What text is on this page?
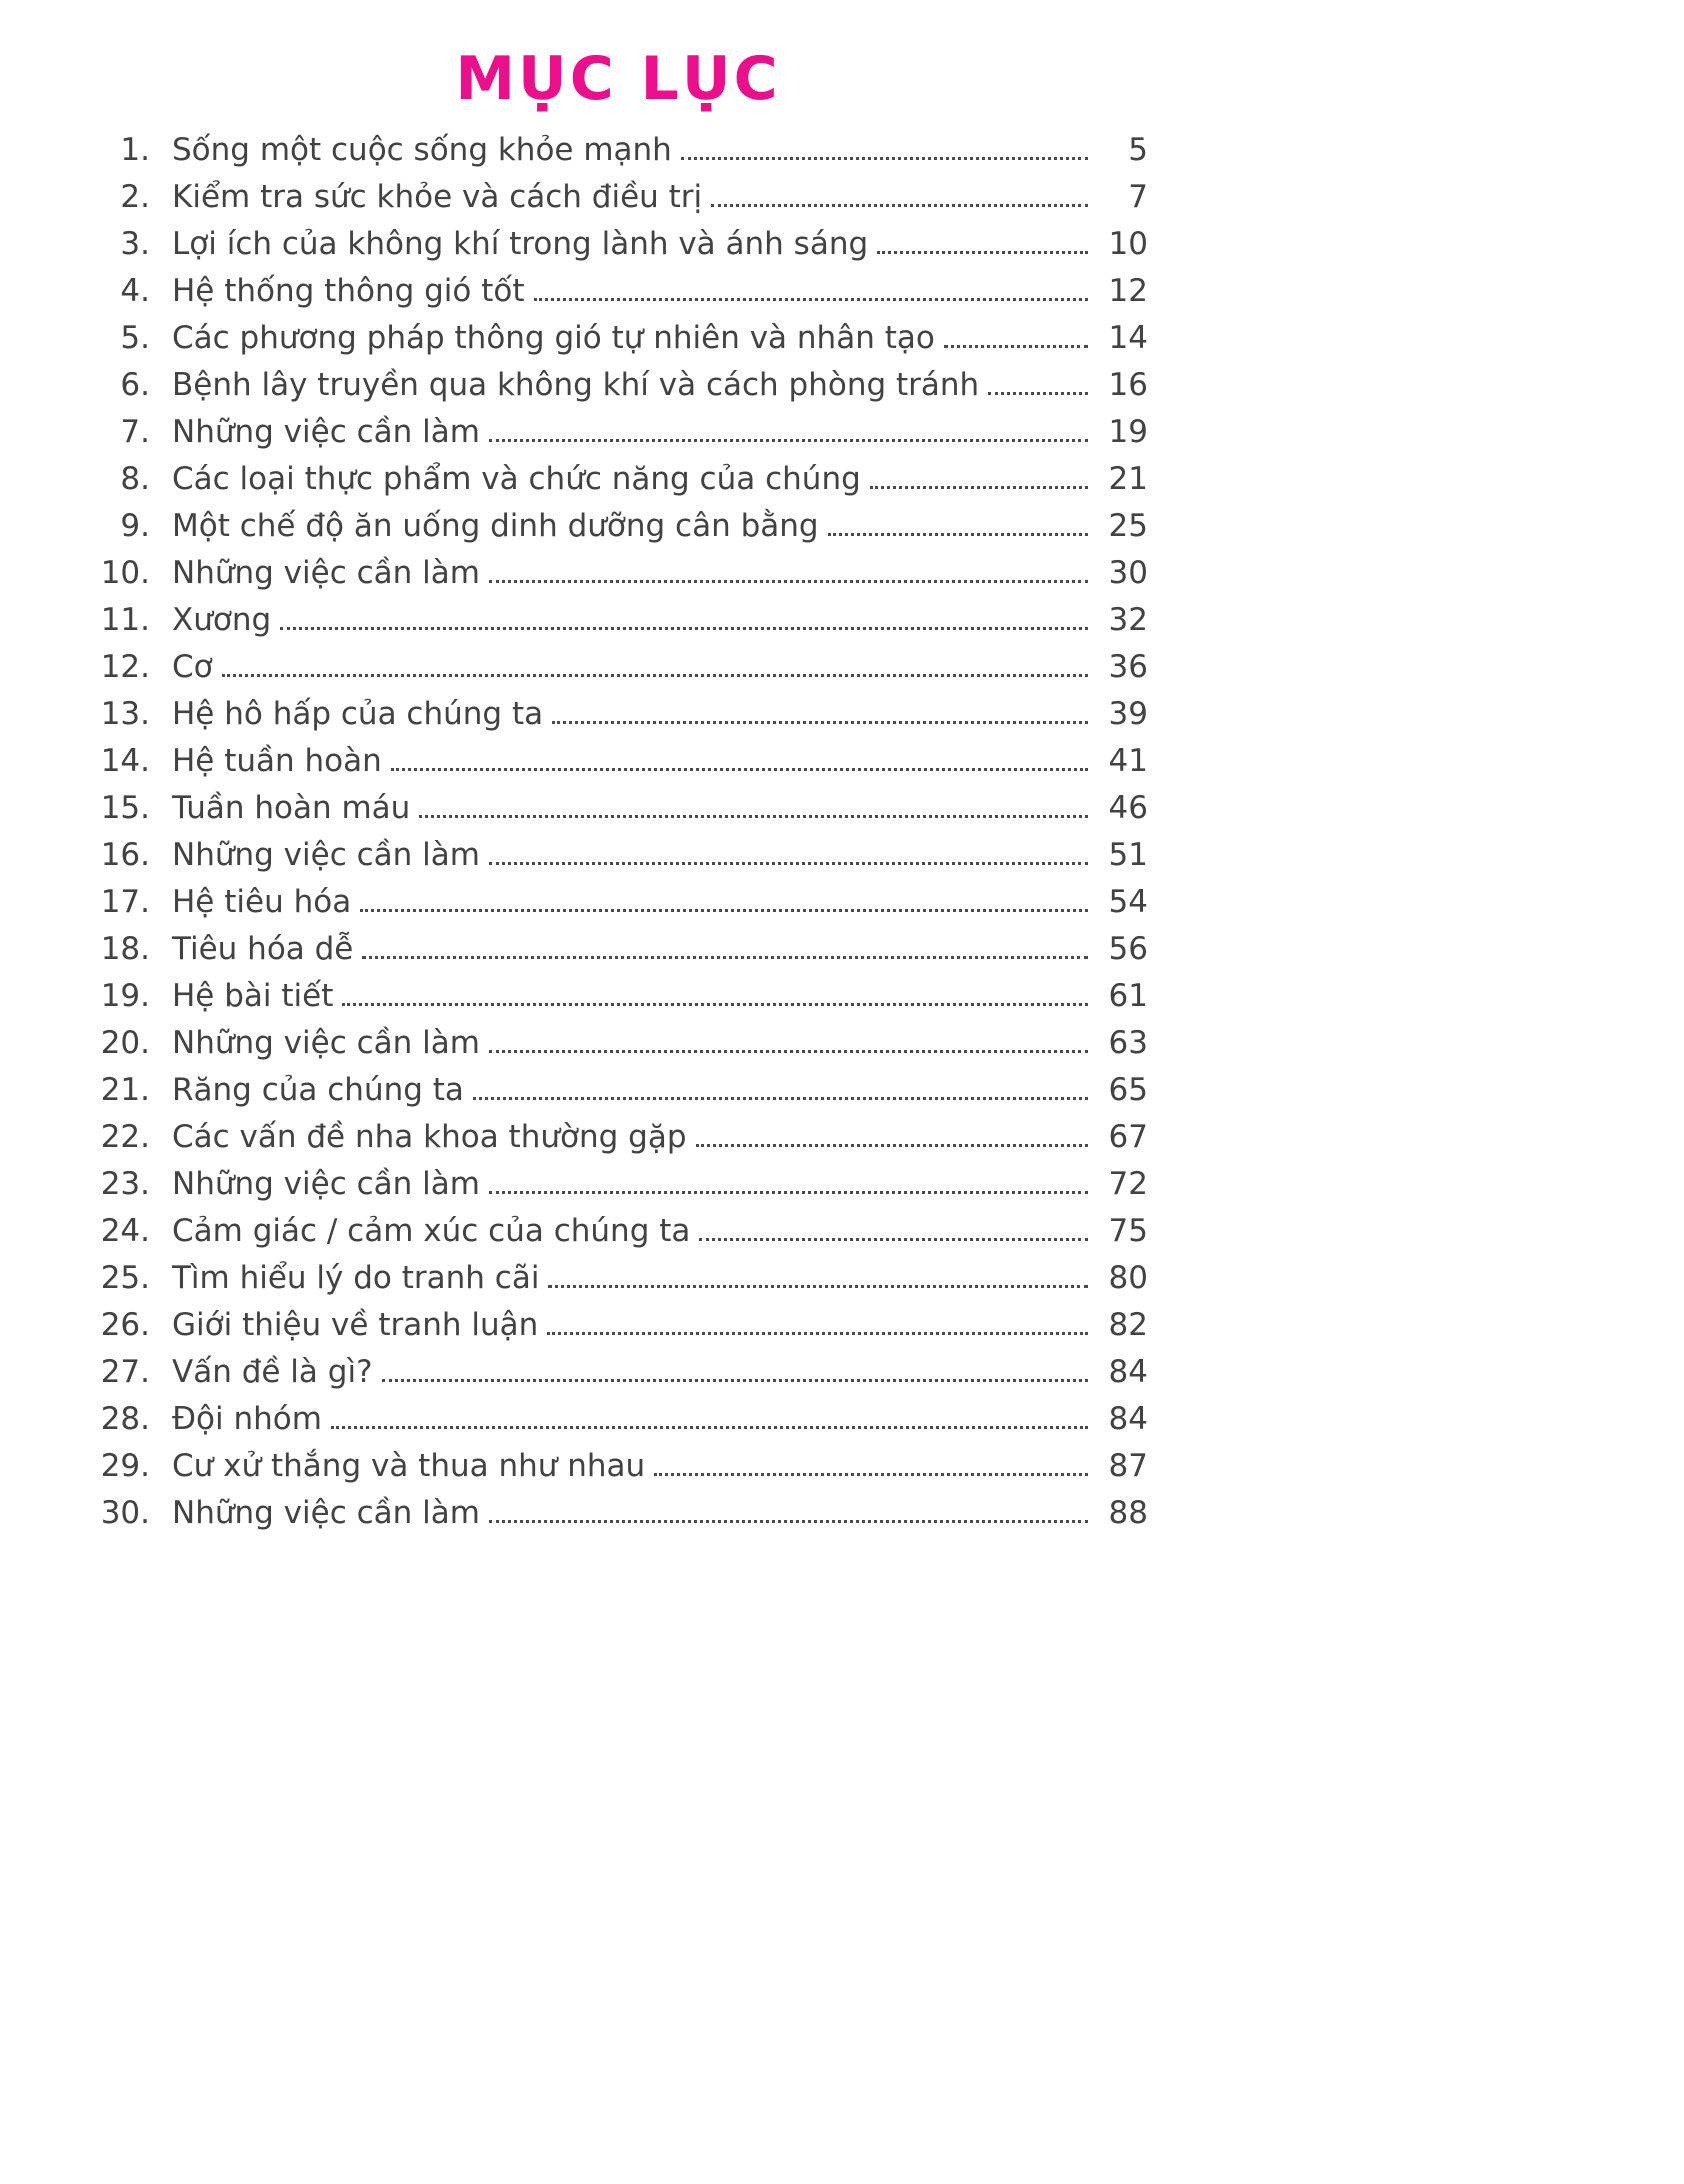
MỤC LỤC
1. Sống một cuộc sống khỏe mạnh	5
2. Kiểm tra sức khỏe và cách điều trị	7
3. Lợi ích của không khí trong lành và ánh sáng	10
4. Hệ thống thông gió tốt	12
5. Các phương pháp thông gió tự nhiên và nhân tạo	14
6. Bệnh lây truyền qua không khí và cách phòng tránh	16
7. Những việc cần làm	19
8. Các loại thực phẩm và chức năng của chúng	21
9. Một chế độ ăn uống dinh dưỡng cân bằng	25
10. Những việc cần làm	30
11. Xương	32
12. Cơ	36
13. Hệ hô hấp của chúng ta	39
14. Hệ tuần hoàn	41
15. Tuần hoàn máu	46
16. Những việc cần làm	51
17. Hệ tiêu hóa	54
18. Tiêu hóa dễ	56
19. Hệ bài tiết	61
20. Những việc cần làm	63
21. Răng của chúng ta	65
22. Các vấn đề nha khoa thường gặp	67
23. Những việc cần làm	72
24. Cảm giác / cảm xúc của chúng ta	75
25. Tìm hiểu lý do tranh cãi	80
26. Giới thiệu về tranh luận	82
27. Vấn đề là gì?	84
28. Đội nhóm	84
29. Cư xử thắng và thua như nhau	87
30. Những việc cần làm	88
